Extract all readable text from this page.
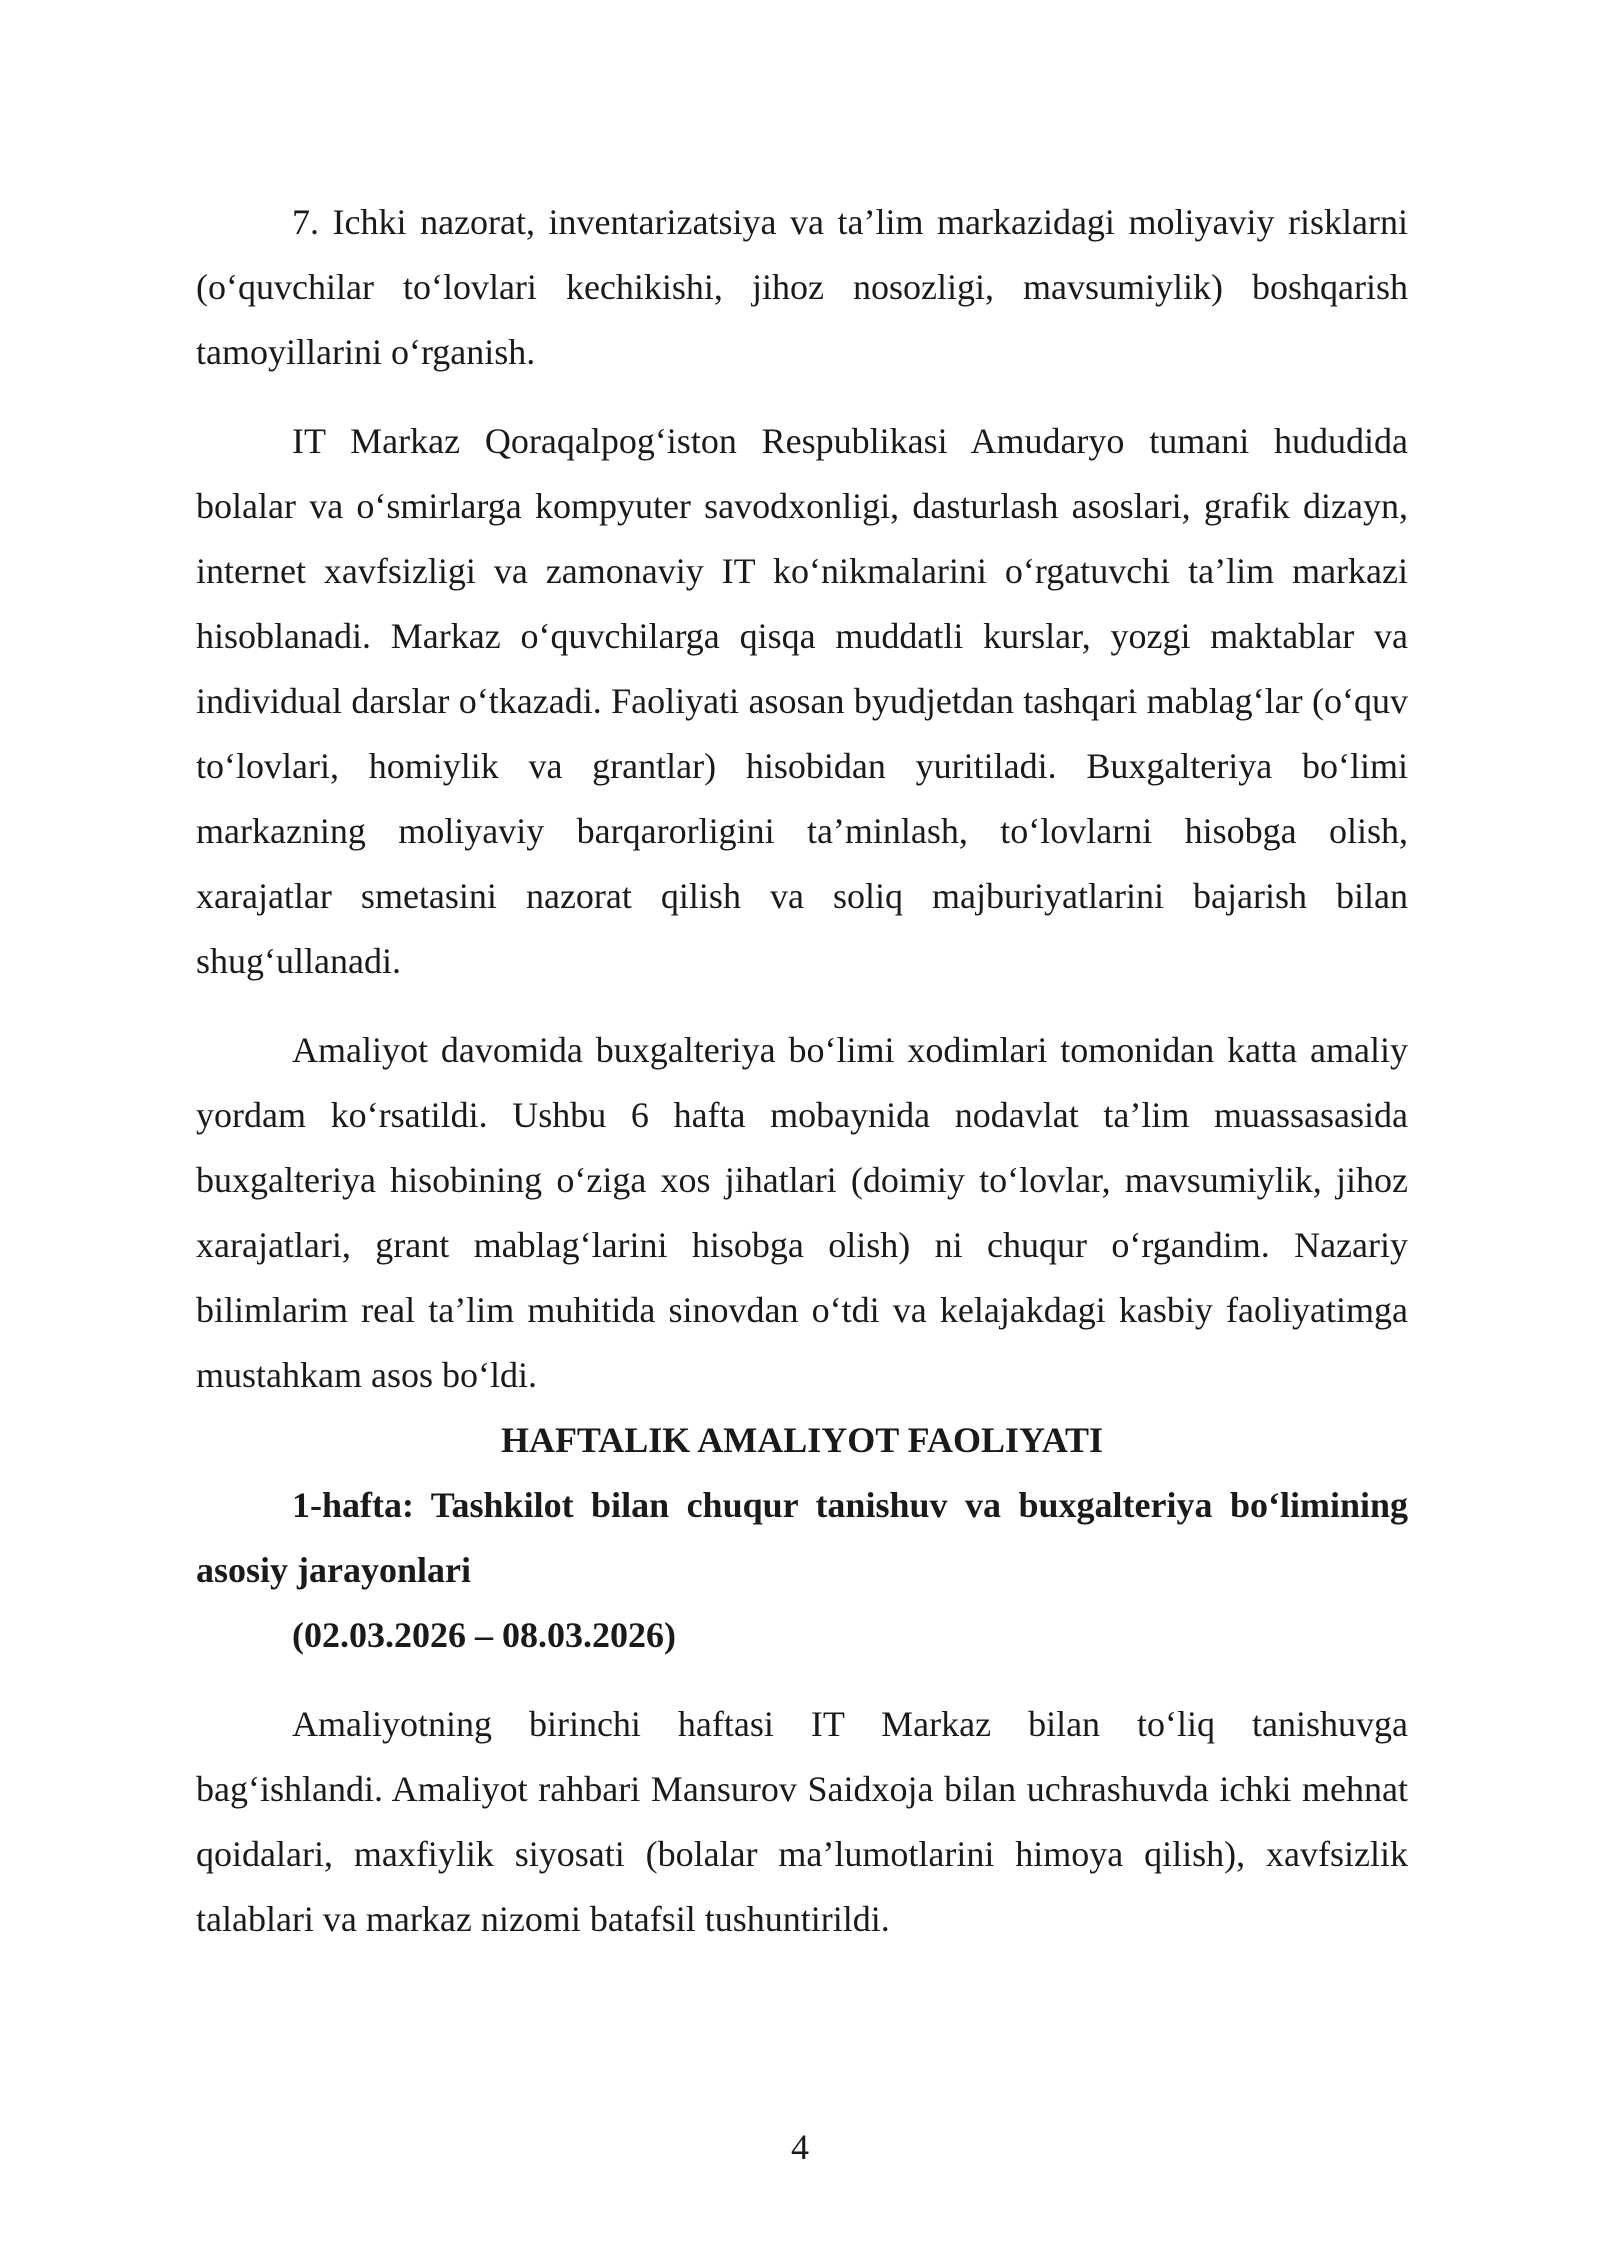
7. Ichki nazorat, inventarizatsiya va ta’lim markazidagi moliyaviy risklarni (o‘quvchilar to‘lovlari kechikishi, jihoz nosozligi, mavsumiylik) boshqarish tamoyillarini o‘rganish.

IT Markaz Qoraqalpog‘iston Respublikasi Amudaryo tumani hududida bolalar va o‘smirlarga kompyuter savodxonligi, dasturlash asoslari, grafik dizayn, internet xavfsizligi va zamonaviy IT ko‘nikmalarini o‘rgatuvchi ta’lim markazi hisoblanadi. Markaz o‘quvchilarga qisqa muddatli kurslar, yozgi maktablar va individual darslar o‘tkazadi. Faoliyati asosan byudjetdan tashqari mablag‘lar (o‘quv to‘lovlari, homiylik va grantlar) hisobidan yuritiladi. Buxgalteriya bo‘limi markazning moliyaviy barqarorligini ta’minlash, to‘lovlarni hisobga olish, xarajatlar smetasini nazorat qilish va soliq majburiyatlarini bajarish bilan shug‘ullanadi.

Amaliyot davomida buxgalteriya bo‘limi xodimlari tomonidan katta amaliy yordam ko‘rsatildi. Ushbu 6 hafta mobaynida nodavlat ta’lim muassasasida buxgalteriya hisobining o‘ziga xos jihatlari (doimiy to‘lovlar, mavsumiylik, jihoz xarajatlari, grant mablag‘larini hisobga olish) ni chuqur o‘rgandim. Nazariy bilimlarim real ta’lim muhitida sinovdan o‘tdi va kelajakdagi kasbiy faoliyatimga mustahkam asos bo‘ldi.

HAFTALIK AMALIYOT FAOLIYATI

1-hafta: Tashkilot bilan chuqur tanishuv va buxgalteriya bo‘limining asosiy jarayonlari

(02.03.2026 – 08.03.2026)

Amaliyotning birinchi haftasi IT Markaz bilan to‘liq tanishuvga bag‘ishlandi. Amaliyot rahbari Mansurov Saidxoja bilan uchrashuvda ichki mehnat qoidalari, maxfiylik siyosati (bolalar ma’lumotlarini himoya qilish), xavfsizlik talablari va markaz nizomi batafsil tushuntirildi.

4
